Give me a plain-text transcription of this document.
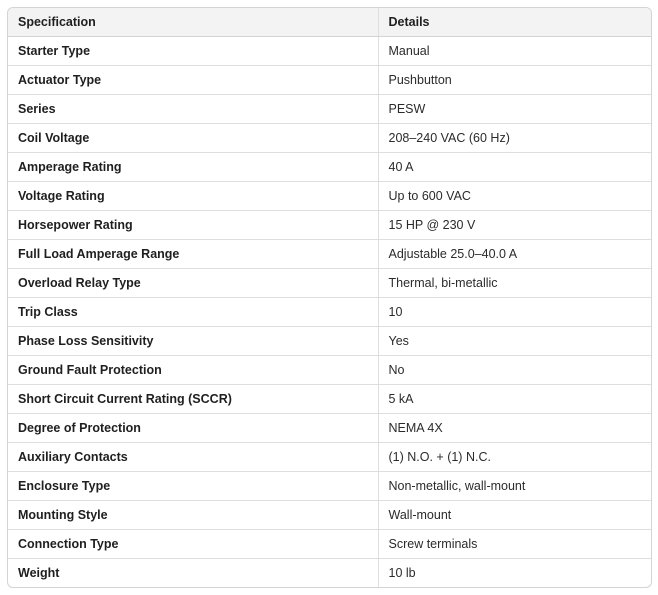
Specification	Details
Starter Type	Manual
Actuator Type	Pushbutton
Series	PESW
Coil Voltage	208–240 VAC (60 Hz)
Amperage Rating	40 A
Voltage Rating	Up to 600 VAC
Horsepower Rating	15 HP @ 230 V
Full Load Amperage Range	Adjustable 25.0–40.0 A
Overload Relay Type	Thermal, bi-metallic
Trip Class	10
Phase Loss Sensitivity	Yes
Ground Fault Protection	No
Short Circuit Current Rating (SCCR)	5 kA
Degree of Protection	NEMA 4X
Auxiliary Contacts	(1) N.O. + (1) N.C.
Enclosure Type	Non-metallic, wall-mount
Mounting Style	Wall-mount
Connection Type	Screw terminals
Weight	10 lb
